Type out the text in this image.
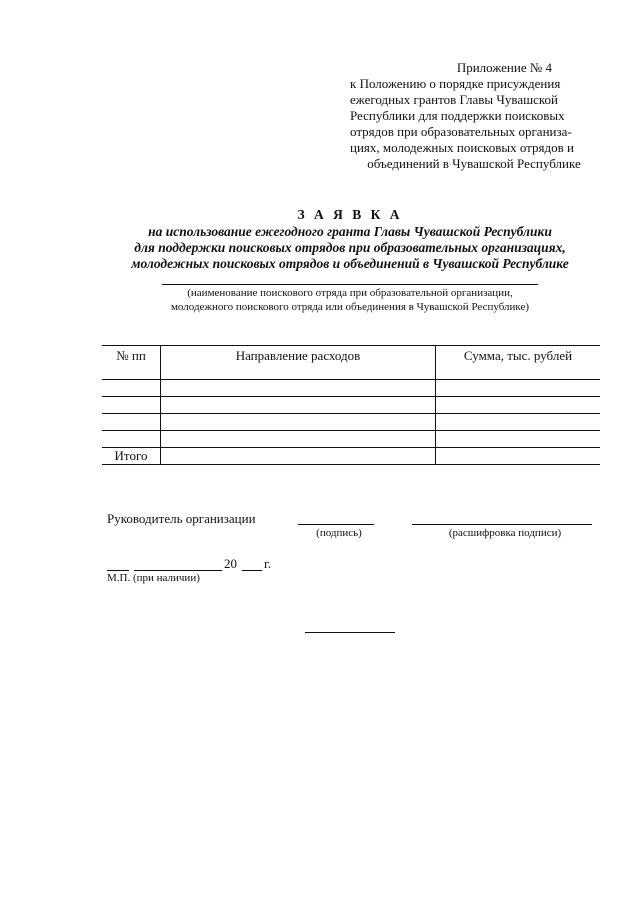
Приложение № 4
к Положению о порядке присуждения
ежегодных грантов Главы Чувашской
Республики для поддержки поисковых
отрядов при образовательных организа-
циях, молодежных поисковых отрядов и
объединений в Чувашской Республике
З А Я В К А
на использование ежегодного гранта Главы Чувашской Республики
для поддержки поисковых отрядов при образовательных организациях,
молодежных поисковых отрядов и объединений в Чувашской Республике
(наименование поискового отряда при образовательной организации,
молодежного поискового отряда или объединения в Чувашской Республике)
№ пп	Направление расходов	Сумма, тыс. рублей

Итого		
Руководитель организации
(подпись)	(расшифровка подписи)
20 г.
М.П. (при наличии)
